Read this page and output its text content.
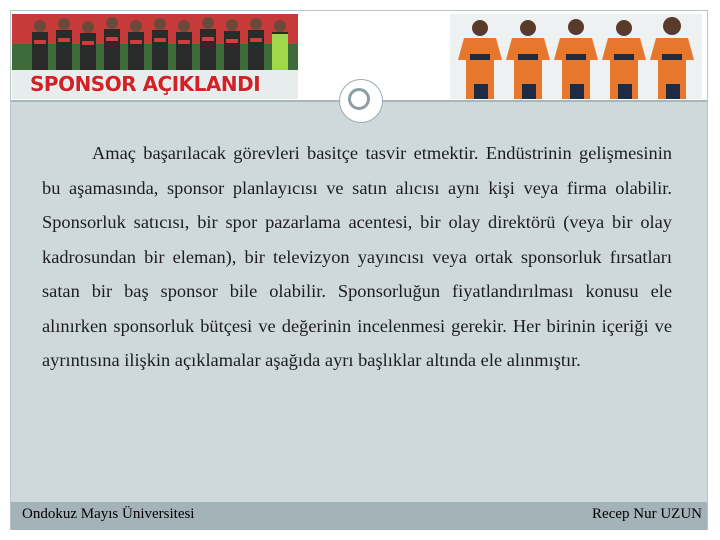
SPONSOR AÇIKLANDI

Amaç başarılacak görevleri basitçe tasvir etmektir. Endüstrinin gelişmesinin bu aşamasında, sponsor planlayıcısı ve satın alıcısı aynı kişi veya firma olabilir. Sponsorluk satıcısı, bir spor pazarlama acentesi, bir olay direktörü (veya bir olay kadrosundan bir eleman), bir televizyon yayıncısı veya ortak sponsorluk fırsatları satan bir baş sponsor bile olabilir. Sponsorluğun fiyatlandırılması konusu ele alınırken sponsorluk bütçesi ve değerinin incelenmesi gerekir. Her birinin içeriği ve ayrıntısına ilişkin açıklamalar aşağıda ayrı başlıklar altında ele alınmıştır.

Ondokuz Mayıs Üniversitesi	Recep Nur UZUN
